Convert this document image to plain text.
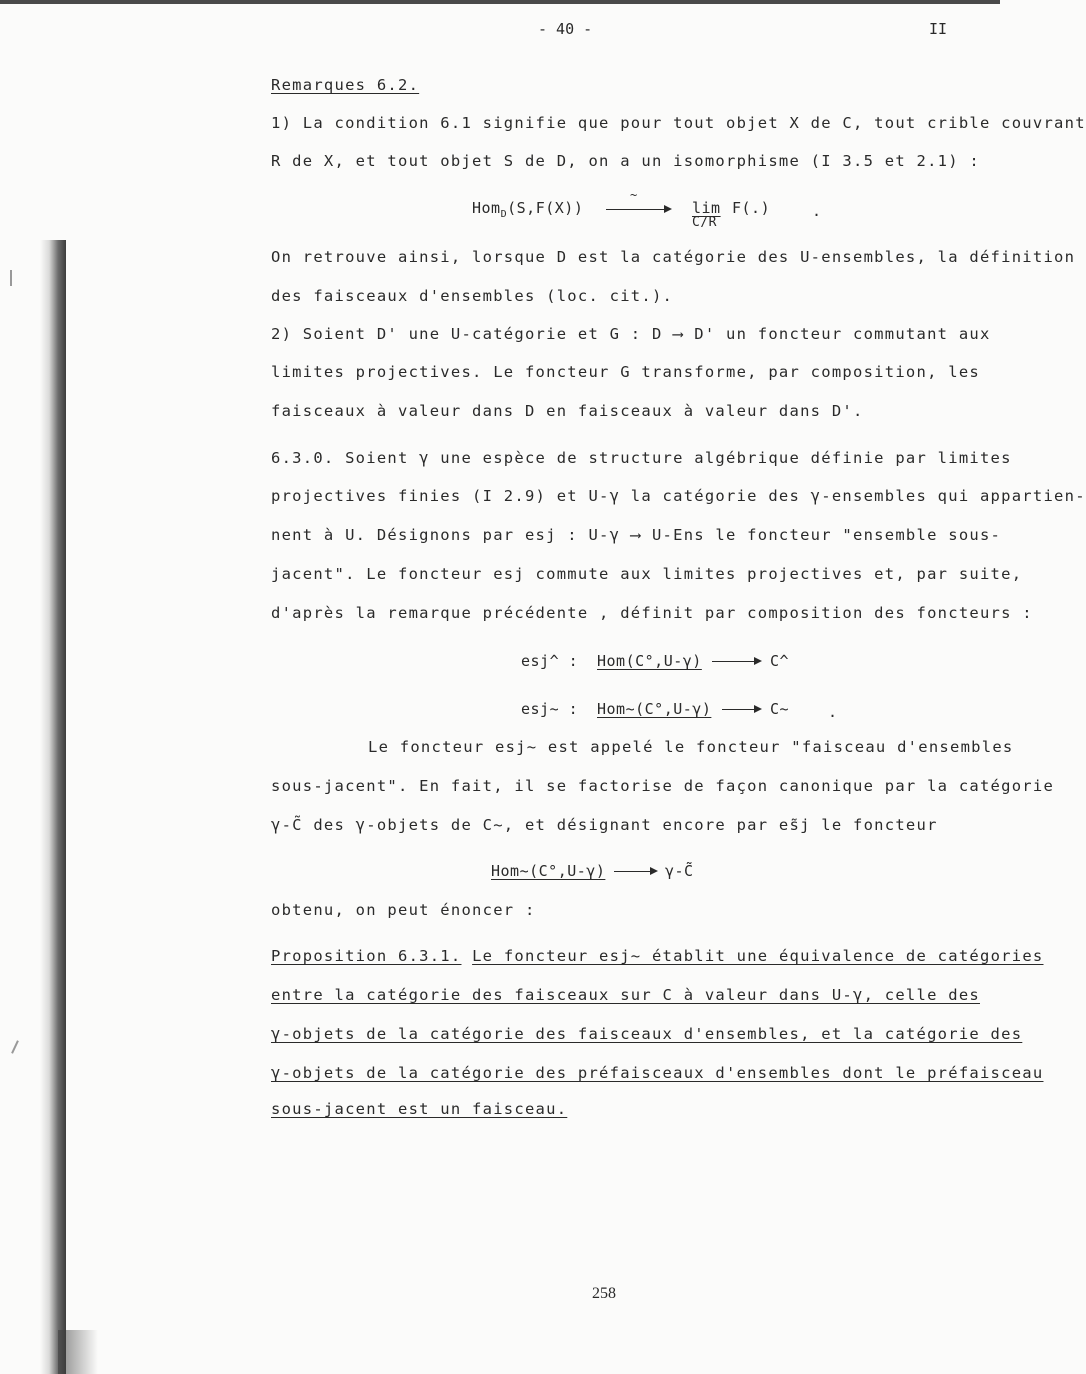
- 40 -	II
Remarques 6.2.
1) La condition 6.1 signifie que pour tout objet X de C, tout crible couvrant
R de X, et tout objet S de D, on a un isomorphisme (I 3.5 et 2.1) :
Hom$_D$(S,F(X))
~
lim
C/R
F(.)	.
On retrouve ainsi, lorsque D est la catégorie des U-ensembles, la définition
des faisceaux d'ensembles (loc. cit.).
2) Soient D' une U-catégorie et G : D ⟶ D' un foncteur commutant aux
limites projectives. Le foncteur G transforme, par composition, les
faisceaux à valeur dans D en faisceaux à valeur dans D'.
6.3.0. Soient γ une espèce de structure algébrique définie par limites
projectives finies (I 2.9) et U-γ la catégorie des γ-ensembles qui appartien-
nent à U. Désignons par esj : U-γ ⟶ U-Ens le foncteur "ensemble sous-
jacent". Le foncteur esj commute aux limites projectives et, par suite,
d'après la remarque précédente , définit par composition des foncteurs :
esj^ : Hom(C°,U-γ)	C^
esj~ : Hom~(C°,U-γ)	C~	.
Le foncteur esj~ est appelé le foncteur "faisceau d'ensembles
sous-jacent". En fait, il se factorise de façon canonique par la catégorie
γ-C̃ des γ-objets de C~, et désignant encore par es̃j le foncteur
Hom~(C°,U-γ)	γ-C̃
obtenu, on peut énoncer :
Proposition 6.3.1. Le foncteur esj~ établit une équivalence de catégories
entre la catégorie des faisceaux sur C à valeur dans U-γ, celle des
γ-objets de la catégorie des faisceaux d'ensembles, et la catégorie des
γ-objets de la catégorie des préfaisceaux d'ensembles dont le préfaisceau
sous-jacent est un faisceau.
258
